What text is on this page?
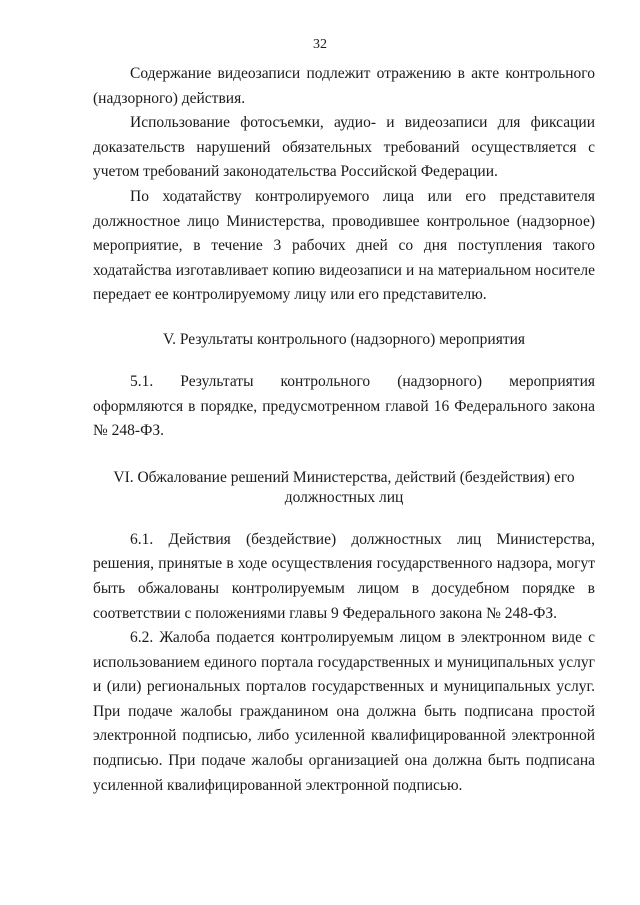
32

Содержание видеозаписи подлежит отражению в акте контрольного (надзорного) действия.

Использование фотосъемки, аудио- и видеозаписи для фиксации доказательств нарушений обязательных требований осуществляется с учетом требований законодательства Российской Федерации.

По ходатайству контролируемого лица или его представителя должностное лицо Министерства, проводившее контрольное (надзорное) мероприятие, в течение 3 рабочих дней со дня поступления такого ходатайства изготавливает копию видеозаписи и на материальном носителе передает ее контролируемому лицу или его представителю.

V. Результаты контрольного (надзорного) мероприятия

5.1. Результаты контрольного (надзорного) мероприятия оформляются в порядке, предусмотренном главой 16 Федерального закона № 248-ФЗ.

VI. Обжалование решений Министерства, действий (бездействия) его должностных лиц

6.1. Действия (бездействие) должностных лиц Министерства, решения, принятые в ходе осуществления государственного надзора, могут быть обжалованы контролируемым лицом в досудебном порядке в соответствии с положениями главы 9 Федерального закона № 248-ФЗ.

6.2. Жалоба подается контролируемым лицом в электронном виде с использованием единого портала государственных и муниципальных услуг и (или) региональных порталов государственных и муниципальных услуг. При подаче жалобы гражданином она должна быть подписана простой электронной подписью, либо усиленной квалифицированной электронной подписью. При подаче жалобы организацией она должна быть подписана усиленной квалифицированной электронной подписью.
